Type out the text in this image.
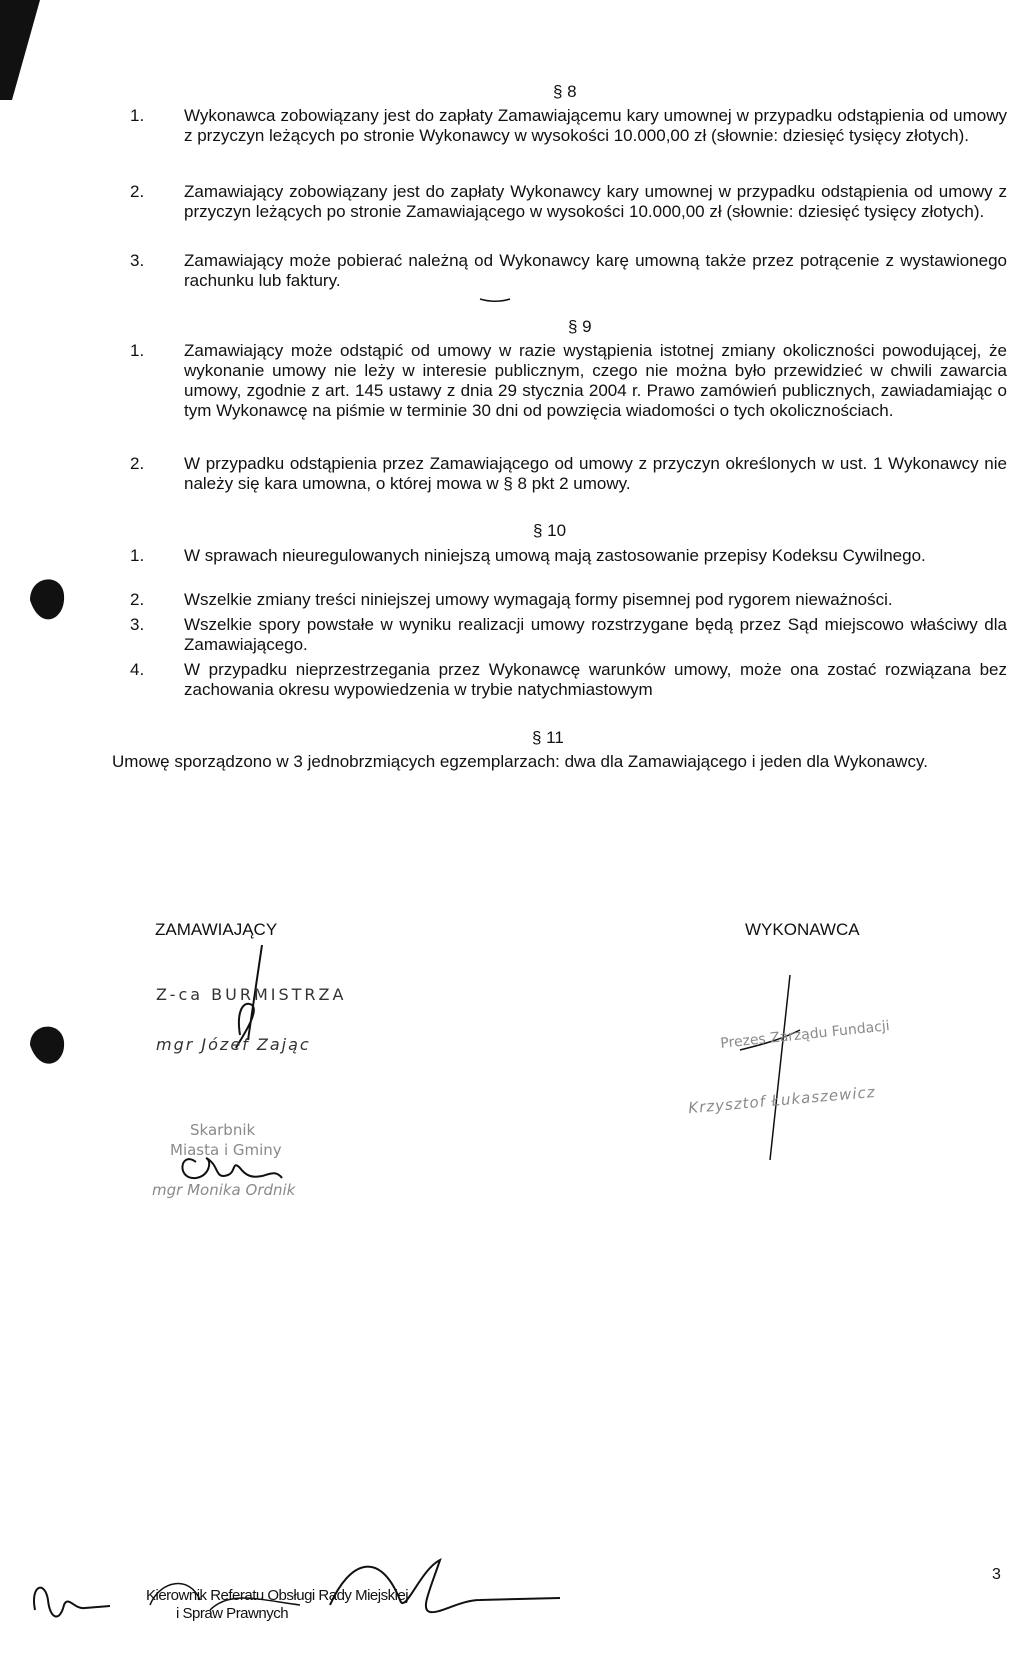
§ 8
1.	Wykonawca zobowiązany jest do zapłaty Zamawiającemu kary umownej w przypadku odstąpienia od umowy z przyczyn leżących po stronie Wykonawcy w wysokości 10.000,00 zł (słownie: dziesięć tysięcy złotych).
2.	Zamawiający zobowiązany jest do zapłaty Wykonawcy kary umownej w przypadku odstąpienia od umowy z przyczyn leżących po stronie Zamawiającego w wysokości 10.000,00 zł (słownie: dziesięć tysięcy złotych).
3.	Zamawiający może pobierać należną od Wykonawcy karę umowną także przez potrącenie z wystawionego rachunku lub faktury.
§ 9
1.	Zamawiający może odstąpić od umowy w razie wystąpienia istotnej zmiany okoliczności powodującej, że wykonanie umowy nie leży w interesie publicznym, czego nie można było przewidzieć w chwili zawarcia umowy, zgodnie z art. 145 ustawy z dnia 29 stycznia 2004 r. Prawo zamówień publicznych, zawiadamiając o tym Wykonawcę na piśmie w terminie 30 dni od powzięcia wiadomości o tych okolicznościach.
2.	W przypadku odstąpienia przez Zamawiającego od umowy z przyczyn określonych w ust. 1 Wykonawcy nie należy się kara umowna, o której mowa w § 8 pkt 2 umowy.
§ 10
1.	W sprawach nieuregulowanych niniejszą umową mają zastosowanie przepisy Kodeksu Cywilnego.
2.	Wszelkie zmiany treści niniejszej umowy wymagają formy pisemnej pod rygorem nieważności.
3.	Wszelkie spory powstałe w wyniku realizacji umowy rozstrzygane będą przez Sąd miejscowo właściwy dla Zamawiającego.
4.	W przypadku nieprzestrzegania przez Wykonawcę warunków umowy, może ona zostać rozwiązana bez zachowania okresu wypowiedzenia w trybie natychmiastowym
§ 11
Umowę sporządzono w 3 jednobrzmiących egzemplarzach: dwa dla Zamawiającego i jeden dla Wykonawcy.
ZAMAWIAJĄCY	WYKONAWCA
Z-ca BURMISTRZA
mgr Józef Zając
Skarbnik
Miasta i Gminy
mgr Monika Ordnik
Prezes Zarządu Fundacji
Krzysztof Łukaszewicz
Kierownik Referatu Obsługi Rady Miejskiej
i Spraw Prawnych
3
